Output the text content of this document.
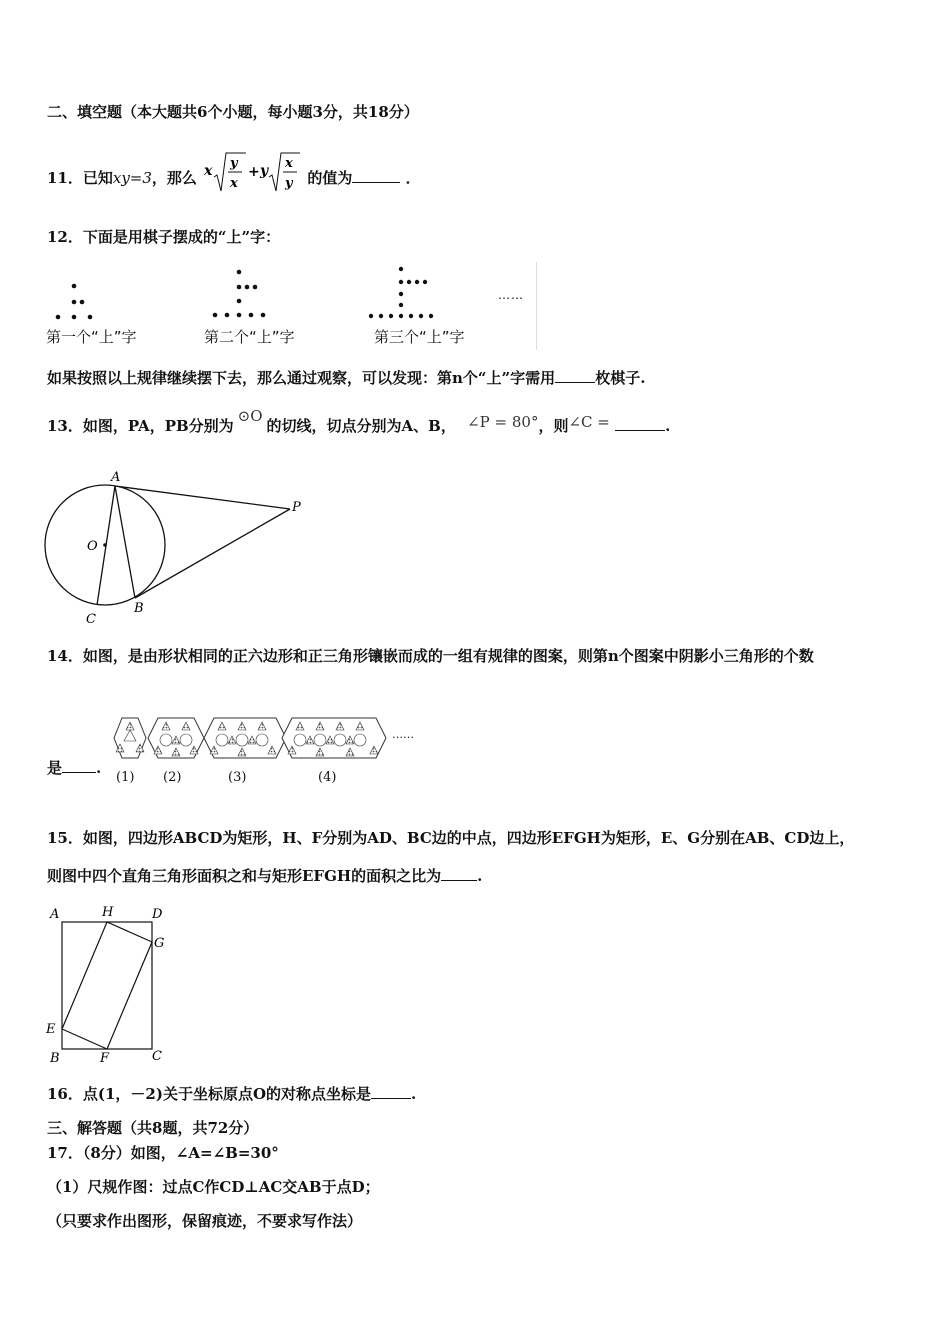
二、填空题（本大题共6个小题，每小题3分，共18分）
11．已知xy=3，那么 x y
x
+ y x
y 的值为	．
12．下面是用棋子摆成的“上”字：
第一个“上”字	第二个“上”字	第三个“上”字
……
如果按照以上规律继续摆下去，那么通过观察，可以发现：第n个“上”字需用	枚棋子.
13．如图，PA，PB分别为⊙O的切线，切点分别为A、B， ∠P = 80°，则∠C =	.
A
P
O
C
B
14．如图，是由形状相同的正六边形和正三角形镶嵌而成的一组有规律的图案，则第n个图案中阴影小三角形的个数
是 .
(1) (2)	(3)	(4)
……
15．如图，四边形ABCD为矩形，H、F分别为AD、BC边的中点，四边形EFGH为矩形，E、G分别在AB、CD边上，
则图中四个直角三角形面积之和与矩形EFGH的面积之比为 .
A	H	D
G
E
B	F	C
16．点(1，－2)关于坐标原点O的对称点坐标是	.
三、解答题（共8题，共72分）
17．（8分）如图，∠A=∠B=30°
（1）尺规作图：过点C作CD⊥AC交AB于点D；
（只要求作出图形，保留痕迹，不要求写作法）
